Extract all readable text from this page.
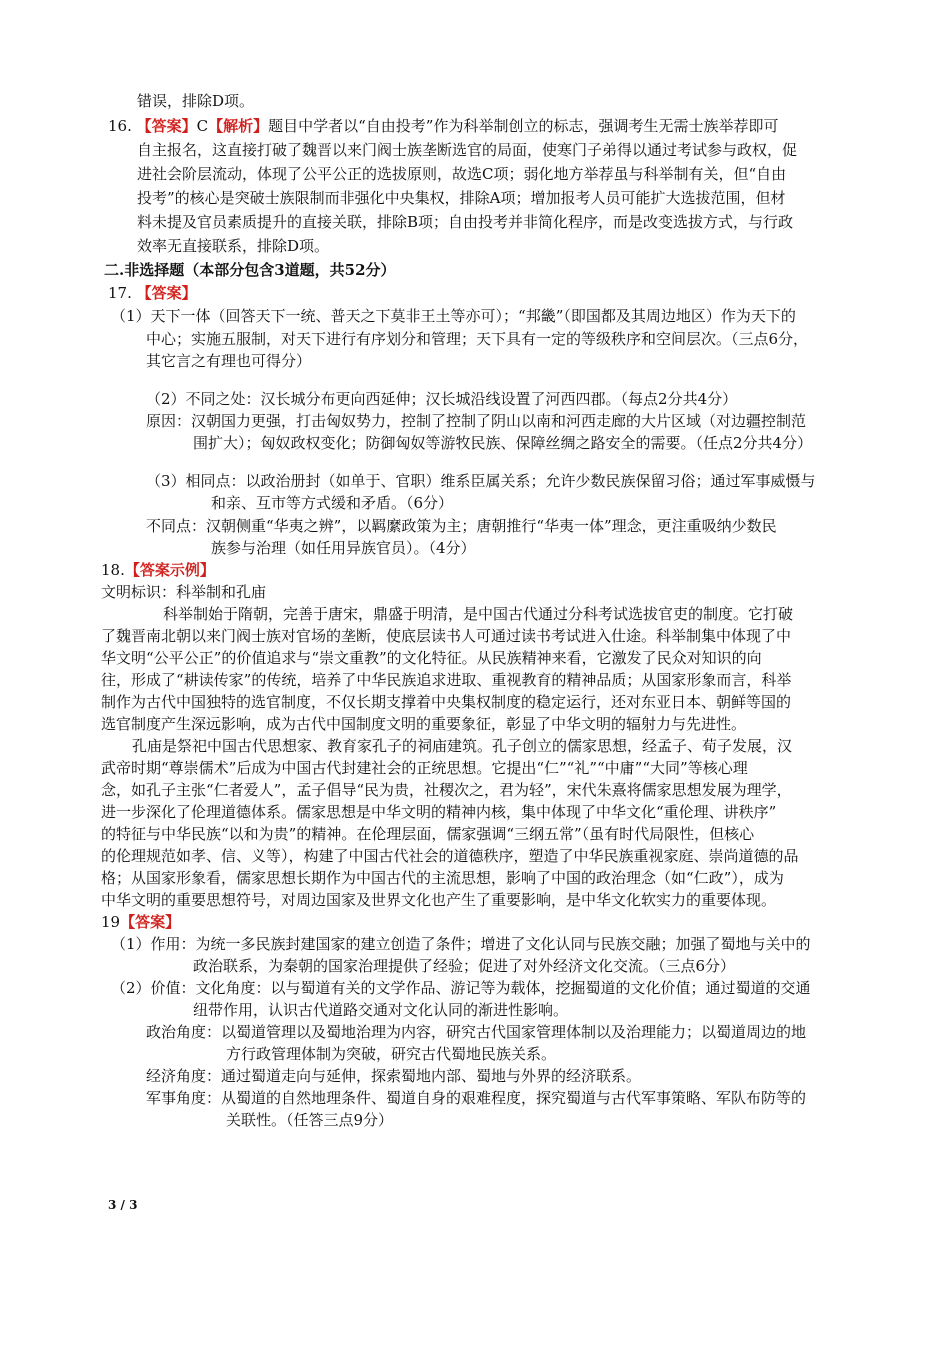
错误，排除D项。
16. 【答案】C【解析】题目中学者以“自由投考”作为科举制创立的标志，强调考生无需士族举荐即可
自主报名，这直接打破了魏晋以来门阀士族垄断选官的局面，使寒门子弟得以通过考试参与政权，促
进社会阶层流动，体现了公平公正的选拔原则，故选C项；弱化地方举荐虽与科举制有关，但“自由
投考”的核心是突破士族限制而非强化中央集权，排除A项；增加报考人员可能扩大选拔范围，但材
料未提及官员素质提升的直接关联，排除B项；自由投考并非简化程序，而是改变选拔方式，与行政
效率无直接联系，排除D项。
二.非选择题（本部分包含3道题，共52分）
17. 【答案】
（1）天下一体（回答天下一统、普天之下莫非王土等亦可）；“邦畿”（即国都及其周边地区）作为天下的
中心；实施五服制，对天下进行有序划分和管理；天下具有一定的等级秩序和空间层次。（三点6分，
其它言之有理也可得分）
（2）不同之处：汉长城分布更向西延伸；汉长城沿线设置了河西四郡。（每点2分共4分）
原因：汉朝国力更强，打击匈奴势力，控制了控制了阴山以南和河西走廊的大片区域（对边疆控制范
围扩大）；匈奴政权变化；防御匈奴等游牧民族、保障丝绸之路安全的需要。（任点2分共4分）
（3）相同点：以政治册封（如单于、官职）维系臣属关系；允许少数民族保留习俗；通过军事威慑与
和亲、互市等方式缓和矛盾。（6分）
不同点：汉朝侧重“华夷之辨”，以羁縻政策为主；唐朝推行“华夷一体”理念，更注重吸纳少数民
族参与治理（如任用异族官员）。（4分）
18.【答案示例】
文明标识：科举制和孔庙
科举制始于隋朝，完善于唐宋，鼎盛于明清，是中国古代通过分科考试选拔官吏的制度。它打破
了魏晋南北朝以来门阀士族对官场的垄断，使底层读书人可通过读书考试进入仕途。科举制集中体现了中
华文明“公平公正”的价值追求与“崇文重教”的文化特征。从民族精神来看，它激发了民众对知识的向
往，形成了“耕读传家”的传统，培养了中华民族追求进取、重视教育的精神品质；从国家形象而言，科举
制作为古代中国独特的选官制度，不仅长期支撑着中央集权制度的稳定运行，还对东亚日本、朝鲜等国的
选官制度产生深远影响，成为古代中国制度文明的重要象征，彰显了中华文明的辐射力与先进性。
孔庙是祭祀中国古代思想家、教育家孔子的祠庙建筑。孔子创立的儒家思想，经孟子、荀子发展，汉
武帝时期“尊崇儒术”后成为中国古代封建社会的正统思想。它提出“仁”“礼”“中庸”“大同”等核心理
念，如孔子主张“仁者爱人”，孟子倡导“民为贵，社稷次之，君为轻”，宋代朱熹将儒家思想发展为理学，
进一步深化了伦理道德体系。儒家思想是中华文明的精神内核，集中体现了中华文化“重伦理、讲秩序”
的特征与中华民族“以和为贵”的精神。在伦理层面，儒家强调“三纲五常”（虽有时代局限性，但核心
的伦理规范如孝、信、义等），构建了中国古代社会的道德秩序，塑造了中华民族重视家庭、崇尚道德的品
格；从国家形象看，儒家思想长期作为中国古代的主流思想，影响了中国的政治理念（如“仁政”），成为
中华文明的重要思想符号，对周边国家及世界文化也产生了重要影响，是中华文化软实力的重要体现。
19【答案】
（1）作用：为统一多民族封建国家的建立创造了条件；增进了文化认同与民族交融；加强了蜀地与关中的
政治联系，为秦朝的国家治理提供了经验；促进了对外经济文化交流。（三点6分）
（2）价值：文化角度：以与蜀道有关的文学作品、游记等为载体，挖掘蜀道的文化价值；通过蜀道的交通
纽带作用，认识古代道路交通对文化认同的渐进性影响。
政治角度：以蜀道管理以及蜀地治理为内容，研究古代国家管理体制以及治理能力；以蜀道周边的地
方行政管理体制为突破，研究古代蜀地民族关系。
经济角度：通过蜀道走向与延伸，探索蜀地内部、蜀地与外界的经济联系。
军事角度：从蜀道的自然地理条件、蜀道自身的艰难程度，探究蜀道与古代军事策略、军队布防等的
关联性。（任答三点9分）
3 / 3
